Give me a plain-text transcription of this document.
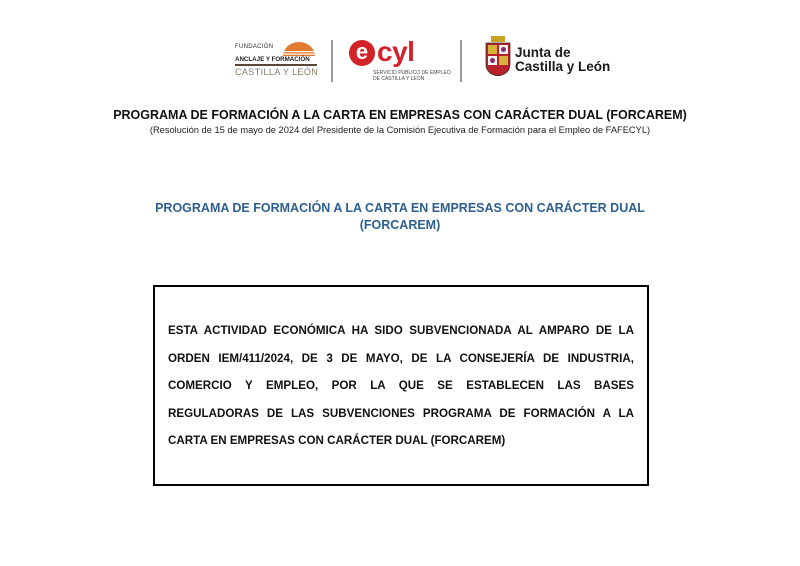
FUNDACIÓN
ANCLAJE Y FORMACIÓN
CASTILLA Y LEÓN
e cyl
SERVICIO PÚBLICO DE EMPLEO DE CASTILLA Y LEÓN
Junta de
Castilla y León
PROGRAMA DE FORMACIÓN A LA CARTA EN EMPRESAS CON CARÁCTER DUAL (FORCAREM)
(Resolución de 15 de mayo de 2024 del Presidente de la Comisión Ejecutiva de Formación para el Empleo de FAFECYL)
PROGRAMA DE FORMACIÓN A LA CARTA EN EMPRESAS CON CARÁCTER DUAL
(FORCAREM)
ESTA ACTIVIDAD ECONÓMICA HA SIDO SUBVENCIONADA AL AMPARO DE LA ORDEN IEM/411/2024, DE 3 DE MAYO, DE LA CONSEJERÍA DE INDUSTRIA, COMERCIO Y EMPLEO, POR LA QUE SE ESTABLECEN LAS BASES REGULADORAS DE LAS SUBVENCIONES PROGRAMA DE FORMACIÓN A LA CARTA EN EMPRESAS CON CARÁCTER DUAL (FORCAREM)
